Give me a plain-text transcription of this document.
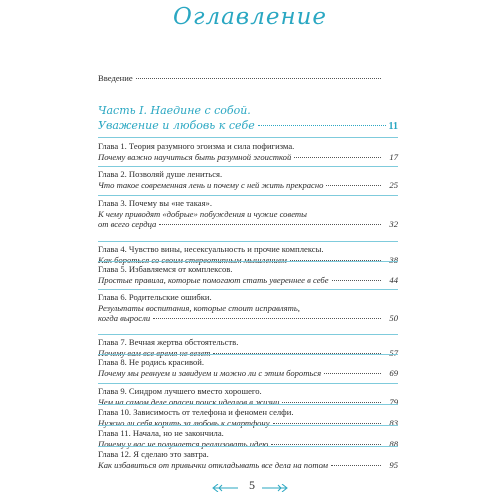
Оглавление
Введение
Часть I. Наедине с собой.
Уважение и любовь к себе	11
Глава 1. Теория разумного эгоизма и сила пофигизма.
Почему важно научиться быть разумной эгоисткой	17
Глава 2. Позволяй душе лениться.
Что такое современная лень и почему с ней жить прекрасно	25
Глава 3. Почему вы «не такая».
К чему приводят «добрые» побуждения и чужие советы
от всего сердца	32
Глава 4. Чувство вины, несексуальность и прочие комплексы.
Как бороться со своим стереотипным мышлением	38
Глава 5. Избавляемся от комплексов.
Простые правила, которые помогают стать увереннее в себе	44
Глава 6. Родительские ошибки.
Результаты воспитания, которые стоит исправлять,
когда выросли	50
Глава 7. Вечная жертва обстоятельств.
Почему вам все время не везет	57
Глава 8. Не родись красивой.
Почему мы ревнуем и завидуем и можно ли с этим бороться	69
Глава 9. Синдром лучшего вместо хорошего.
Чем на самом деле опасен поиск идеалов в жизни	79
Глава 10. Зависимость от телефона и феномен селфи.
Нужно ли себя корить за любовь к смартфону	83
Глава 11. Начала, но не закончила.
Почему у вас не получается реализовать идею	88
Глава 12. Я сделаю это завтра.
Как избавиться от привычки откладывать все дела на потом	95
5
